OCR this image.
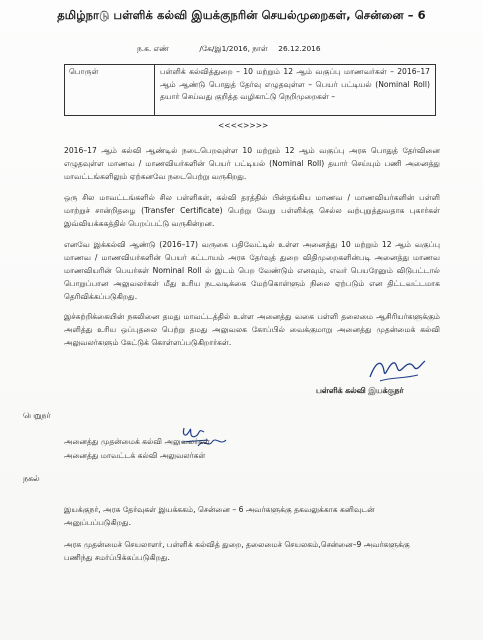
தமிழ்நாடு பள்ளிக் கல்வி இயக்குநரின் செயல்முறைகள், சென்னை – 6
ந.க. எண்	/கே/இ1/2016, நாள் 26.12.2016
பொருள்	பள்ளிக் கல்வித்துறை – 10 மற்றும் 12 ஆம் வகுப்பு மாணவர்கள் – 2016–17 ஆம் ஆண்டு பொதுத் தேர்வு எழுதவுள்ள – பெயர் பட்டியல் (Nominal Roll) தயார் செய்வது குறித்த வழிகாட்டு நெறிமுறைகள் –
<<<<>>>>
2016–17 ஆம் கல்வி ஆண்டில் நடைபெறவுள்ள 10 மற்றும் 12 ஆம் வகுப்பு அரசு பொதுத் தேர்வினை எழுதவுள்ள மாணவ / மாணவியர்களின் பெயர் பட்டியல் (Nominal Roll) தயார் செய்யும் பணி அனைத்து மாவட்டங்களிலும் ஏற்கனவே நடைபெற்று வருகிறது.
ஒரு சில மாவட்டங்களில் சில பள்ளிகள், கல்வி தரத்தில் பின்தங்கிய மாணவ / மாணவியர்களின் பள்ளி மாற்றுச் சான்றிதழை (Transfer Certificate) பெற்று வேறு பள்ளிக்கு செல்ல வற்புறுத்துவதாக புகார்கள் இவ்வியக்ககத்தில் பெறப்பட்டு வருகின்றன.
எனவே இக்கல்வி ஆண்டு (2016–17) வருகை பதிவேட்டில் உள்ள அனைத்து 10 மற்றும் 12 ஆம் வகுப்பு மாணவ / மாணவியர்களின் பெயர் கட்டாயம் அரசு தேர்வுத் துறை விதிமுறைகளின்படி அனைத்து மாணவ மாணவியரின் பெயர்கள் Nominal Roll ல் இடம் பெற வேண்டும் எனவும், எவர் பெயரேனும் விடுபட்டால் பொறுப்பான அலுவலர்கள் மீது உரிய நடவடிக்கை மேற்கொள்ளும் நிலை ஏற்படும் என திட்டவட்டமாக தெரிவிக்கப்படுகிறது.
இச்சுற்றிக்கையின் நகலினை தமது மாவட்டத்தில் உள்ள அனைத்து வகை பள்ளி தலைமை ஆசிரியர்களுக்கும் அளித்து உரிய ஒப்புதலை பெற்று தமது அலுவலக கோப்பில் வைக்குமாறு அனைத்து முதன்மைக் கல்வி அலுவலர்களும் கேட்டுக் கொள்ளப்படுகிறார்கள்.
பள்ளிக் கல்வி இயக்குநர்
பெறுநர்
அனைத்து முதன்மைக் கல்வி அலுவலர்கள்
அனைத்து மாவட்டக் கல்வி அலுவலர்கள்
நகல்
இயக்குநர், அரசு தேர்வுகள் இயக்ககம், சென்னை – 6 அவர்களுக்கு தகவலுக்காக கனிவுடன் அனுப்பப்படுகிறது.
அரசு முதன்மைச் செயலாளர், பள்ளிக் கல்வித் துறை, தலைமைச் செயலகம்,சென்னை–9 அவர்களுக்கு பணிந்து சமர்ப்பிக்கப்படுகிறது.
